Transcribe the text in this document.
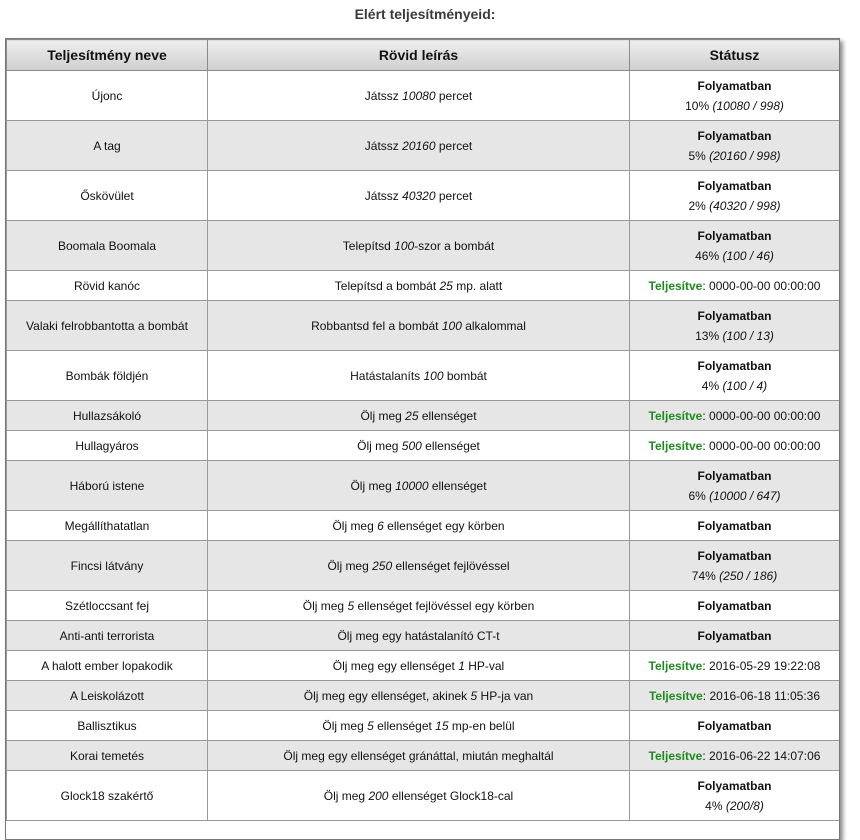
Elért teljesítményeid:
Teljesítmény neve	Rövid leírás	Státusz
Újonc	Játssz 10080 percet	Folyamatban
10% (10080 / 998)

A tag	Játssz 20160 percet	Folyamatban
5% (20160 / 998)

Őskövület	Játssz 40320 percet	Folyamatban
2% (40320 / 998)

Boomala Boomala	Telepítsd 100-szor a bombát	Folyamatban
46% (100 / 46)

Rövid kanóc	Telepítsd a bombát 25 mp. alatt	Teljesítve: 0000-00-00 00:00:00
Valaki felrobbantotta a bombát	Robbantsd fel a bombát 100 alkalommal	Folyamatban
13% (100 / 13)

Bombák földjén	Hatástalaníts 100 bombát	Folyamatban
4% (100 / 4)

Hullazsákoló	Ölj meg 25 ellenséget	Teljesítve: 0000-00-00 00:00:00
Hullagyáros	Ölj meg 500 ellenséget	Teljesítve: 0000-00-00 00:00:00
Háború istene	Ölj meg 10000 ellenséget	Folyamatban
6% (10000 / 647)

Megállíthatatlan	Ölj meg 6 ellenséget egy körben	Folyamatban

Fincsi látvány	Ölj meg 250 ellenséget fejlövéssel	Folyamatban
74% (250 / 186)

Szétloccsant fej	Ölj meg 5 ellenséget fejlövéssel egy körben	Folyamatban

Anti-anti terrorista	Ölj meg egy hatástalanító CT-t	Folyamatban

A halott ember lopakodik	Ölj meg egy ellenséget 1 HP-val	Teljesítve: 2016-05-29 19:22:08
A Leiskolázott	Ölj meg egy ellenséget, akinek 5 HP-ja van	Teljesítve: 2016-06-18 11:05:36
Ballisztikus	Ölj meg 5 ellenséget 15 mp-en belül	Folyamatban

Korai temetés	Ölj meg egy ellenséget gránáttal, miután meghaltál	Teljesítve: 2016-06-22 14:07:06
Glock18 szakértő	Ölj meg 200 ellenséget Glock18-cal	Folyamatban
4% (200/8)
